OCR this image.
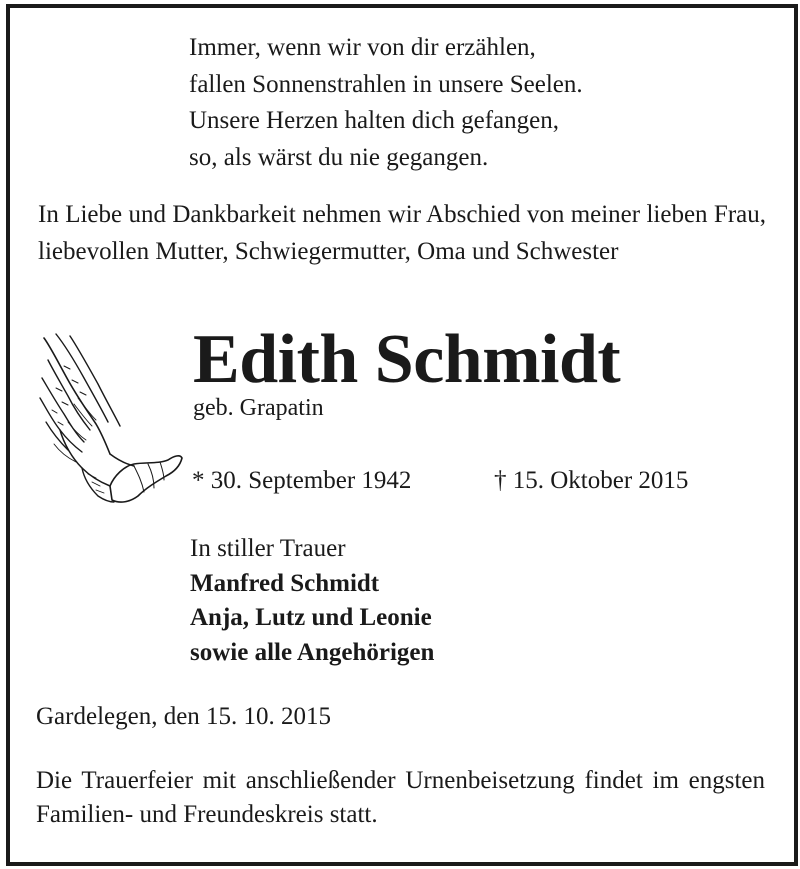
Immer, wenn wir von dir erzählen,
fallen Sonnenstrahlen in unsere Seelen.
Unsere Herzen halten dich gefangen,
so, als wärst du nie gegangen.
In Liebe und Dankbarkeit nehmen wir Abschied von meiner lieben Frau, liebevollen Mutter, Schwiegermutter, Oma und Schwester
Edith Schmidt
geb. Grapatin
* 30. September 1942	† 15. Oktober 2015
In stiller Trauer
Manfred Schmidt
Anja, Lutz und Leonie
sowie alle Angehörigen
Gardelegen, den 15. 10. 2015
Die Trauerfeier mit anschließender Urnenbeisetzung findet im engsten Familien- und Freundeskreis statt.
